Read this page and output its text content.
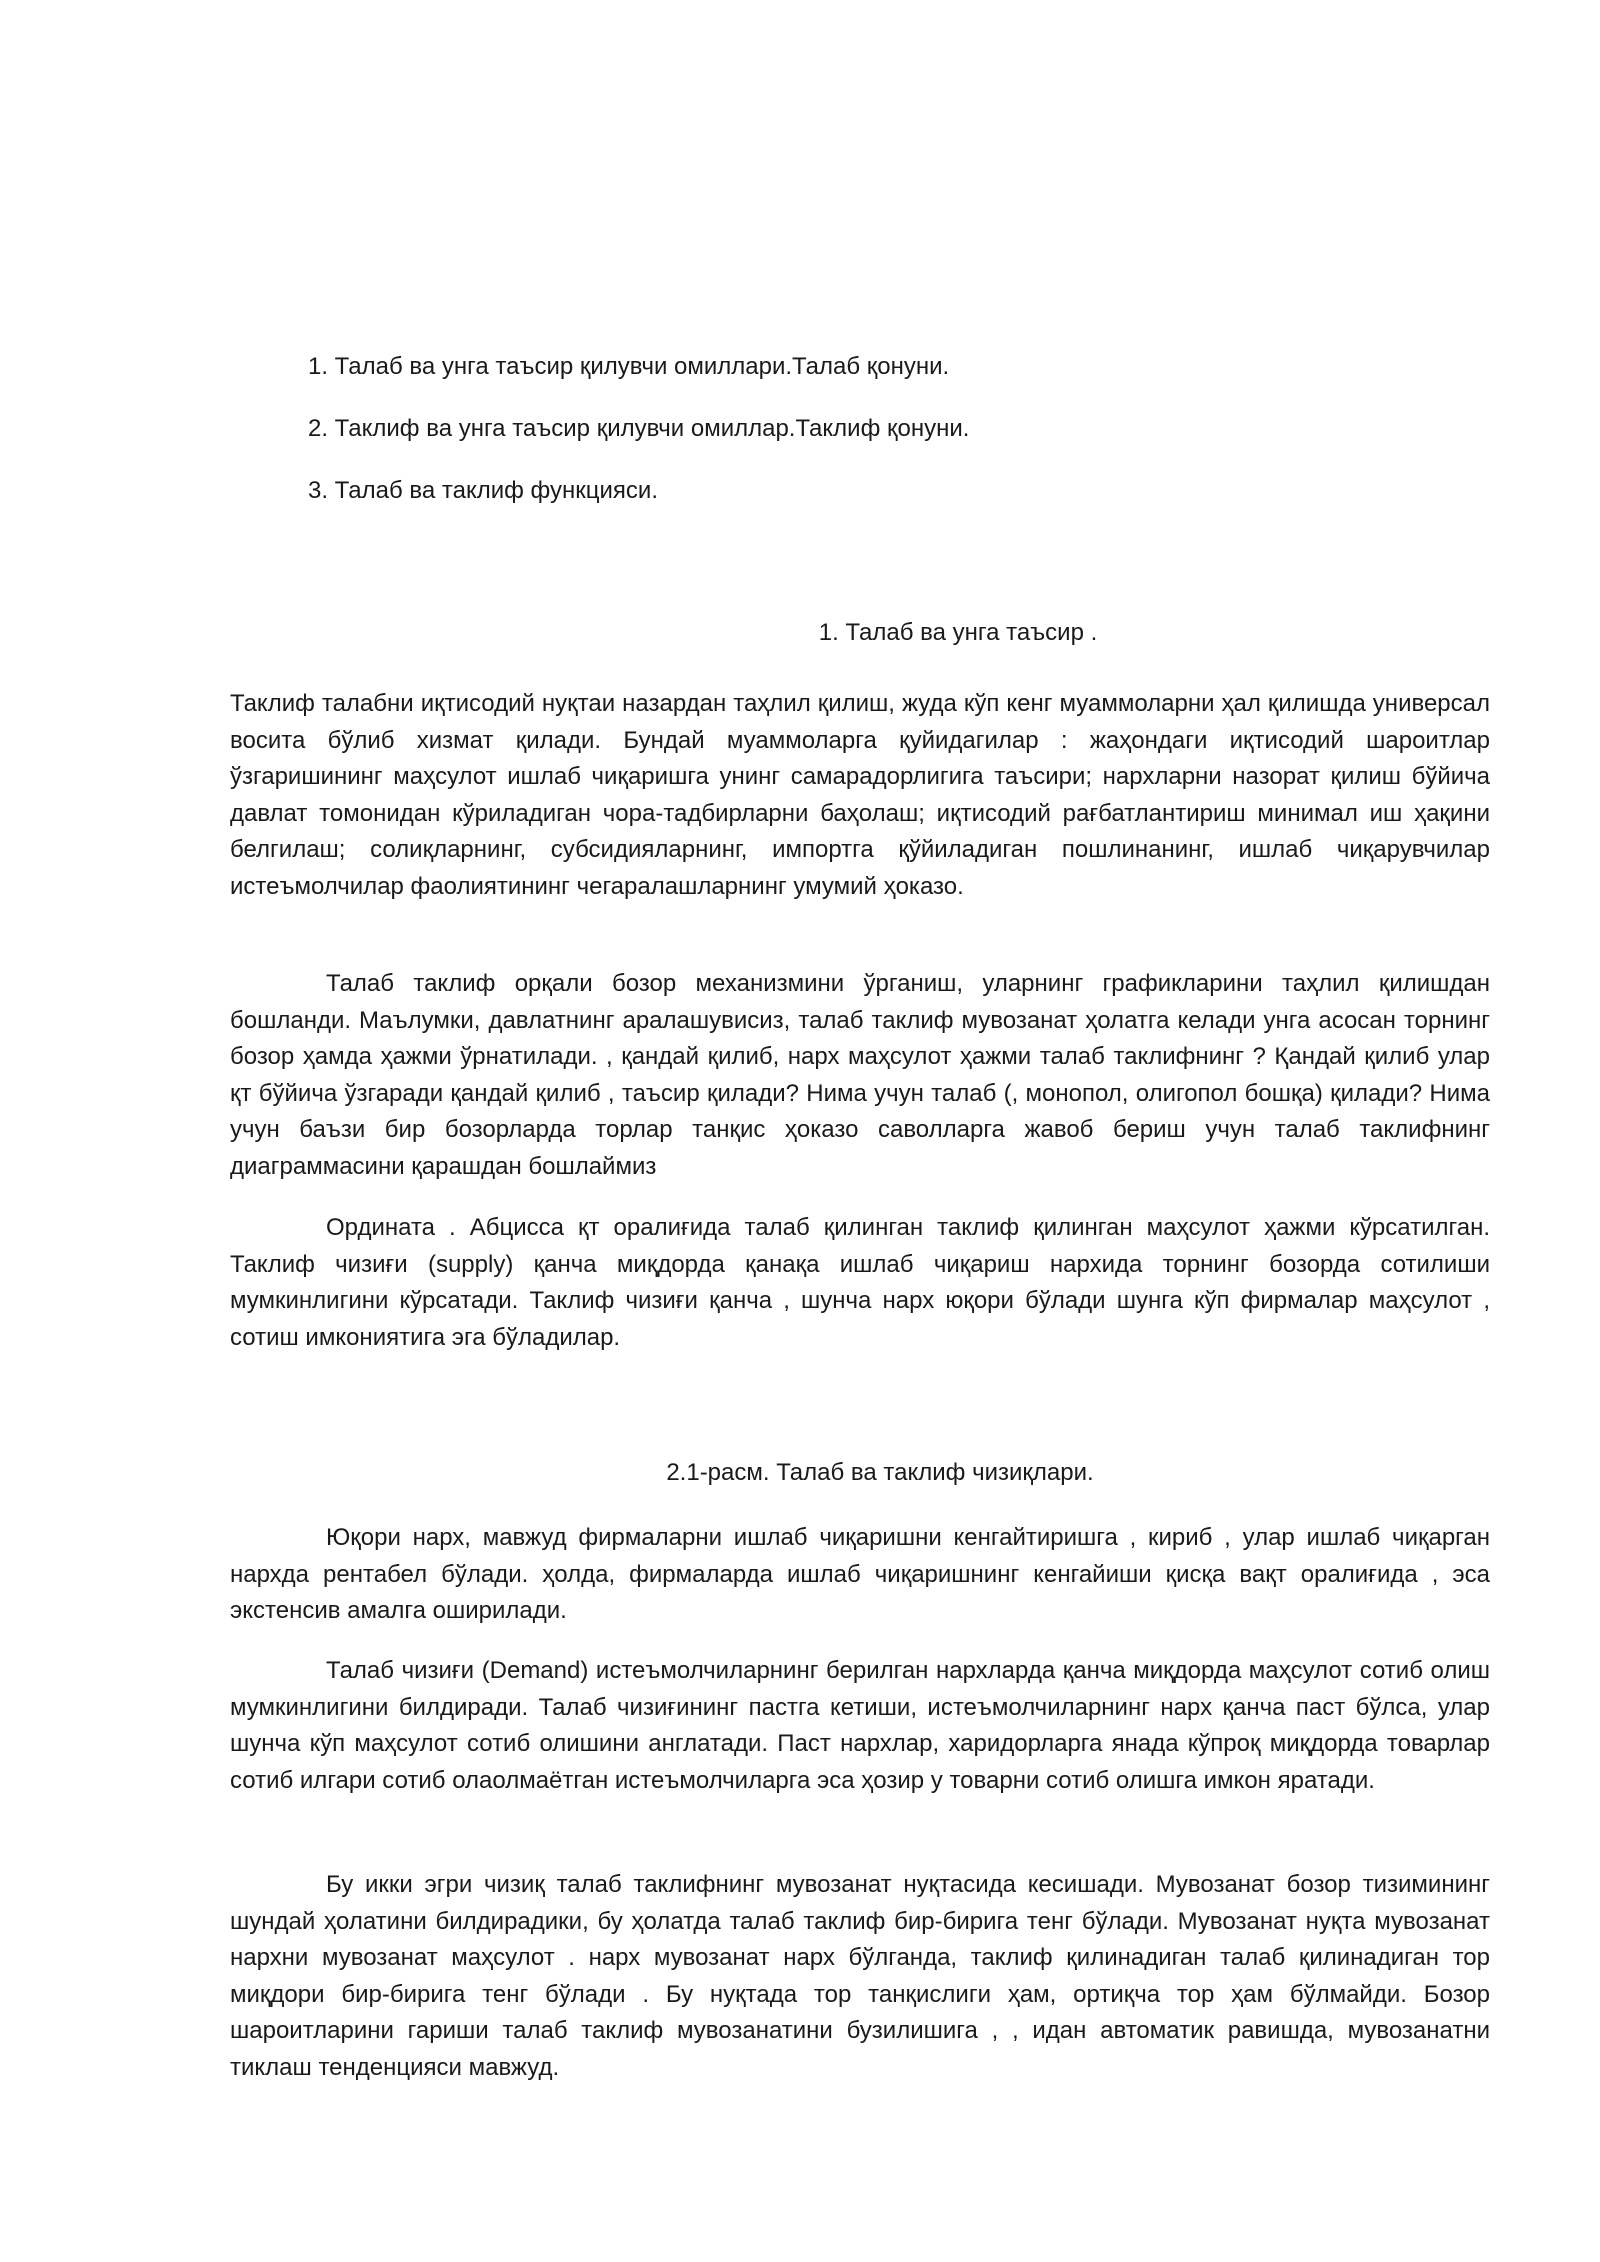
1. Талаб ва унга таъсир қилувчи омиллари.Талаб қонуни.
2. Таклиф ва унга таъсир қилувчи омиллар.Таклиф қонуни.
3. Талаб ва таклиф функцияси.
1. Талаб ва унга таъсир .

Таклиф талабни иқтисодий нуқтаи назардан таҳлил қилиш, жуда кўп кенг муаммоларни ҳал қилишда универсал восита бўлиб хизмат қилади. Бундай муаммоларга қуйидагилар : жаҳондаги иқтисодий шароитлар ўзгаришининг маҳсулот ишлаб чиқаришга унинг самарадорлигига таъсири; нархларни назорат қилиш бўйича давлат томонидан кўриладиган чора-тадбирларни баҳолаш; иқтисодий рағбатлантириш минимал иш ҳақини белгилаш; солиқларнинг, субсидияларнинг, импортга қўйиладиган пошлинанинг, ишлаб чиқарувчилар истеъмолчилар фаолиятининг чегаралашларнинг умумий ҳоказо.

Талаб таклиф орқали бозор механизмини ўрганиш, уларнинг графикларини таҳлил қилишдан бошланди. Маълумки, давлатнинг аралашувисиз, талаб таклиф мувозанат ҳолатга келади унга асосан торнинг бозор ҳамда ҳажми ўрнатилади. , қандай қилиб, нарх маҳсулот ҳажми талаб таклифнинг ? Қандай қилиб улар қт бўйича ўзгаради қандай қилиб , таъсир қилади? Нима учун талаб (, монопол, олигопол бошқа) қилади? Нима учун баъзи бир бозорларда торлар танқис ҳоказо саволларга жавоб бериш учун талаб таклифнинг диаграммасини қарашдан бошлаймиз

Ордината . Абцисса қт оралиғида талаб қилинган таклиф қилинган маҳсулот ҳажми кўрсатилган. Таклиф чизиғи (supply) қанча миқдорда қанақа ишлаб чиқариш нархида торнинг бозорда сотилиши мумкинлигини кўрсатади. Таклиф чизиғи қанча , шунча нарх юқори бўлади шунга кўп фирмалар маҳсулот , сотиш имкониятига эга бўладилар.

2.1-расм. Талаб ва таклиф чизиқлари.

Юқори нарх, мавжуд фирмаларни ишлаб чиқаришни кенгайтиришга , кириб , улар ишлаб чиқарган нархда рентабел бўлади. ҳолда, фирмаларда ишлаб чиқаришнинг кенгайиши қисқа вақт оралиғида , эса экстенсив амалга оширилади.

Талаб чизиғи (Demand) истеъмолчиларнинг берилган нархларда қанча миқдорда маҳсулот сотиб олиш мумкинлигини билдиради. Талаб чизиғининг пастга кетиши, истеъмолчиларнинг нарх қанча паст бўлса, улар шунча кўп маҳсулот сотиб олишини англатади. Паст нархлар, харидорларга янада кўпроқ миқдорда товарлар сотиб илгари сотиб олаолмаётган истеъмолчиларга эса ҳозир у товарни сотиб олишга имкон яратади.

Бу икки эгри чизиқ талаб таклифнинг мувозанат нуқтасида кесишади. Мувозанат бозор тизимининг шундай ҳолатини билдирадики, бу ҳолатда талаб таклиф бир-бирига тенг бўлади. Мувозанат нуқта мувозанат нархни мувозанат маҳсулот . нарх мувозанат нарх бўлганда, таклиф қилинадиган талаб қилинадиган тор миқдори бир-бирига тенг бўлади . Бу нуқтада тор танқислиги ҳам, ортиқча тор ҳам бўлмайди. Бозор шароитларини гариши талаб таклиф мувозанатини бузилишига , , идан автоматик равишда, мувозанатни тиклаш тенденцияси мавжуд.
